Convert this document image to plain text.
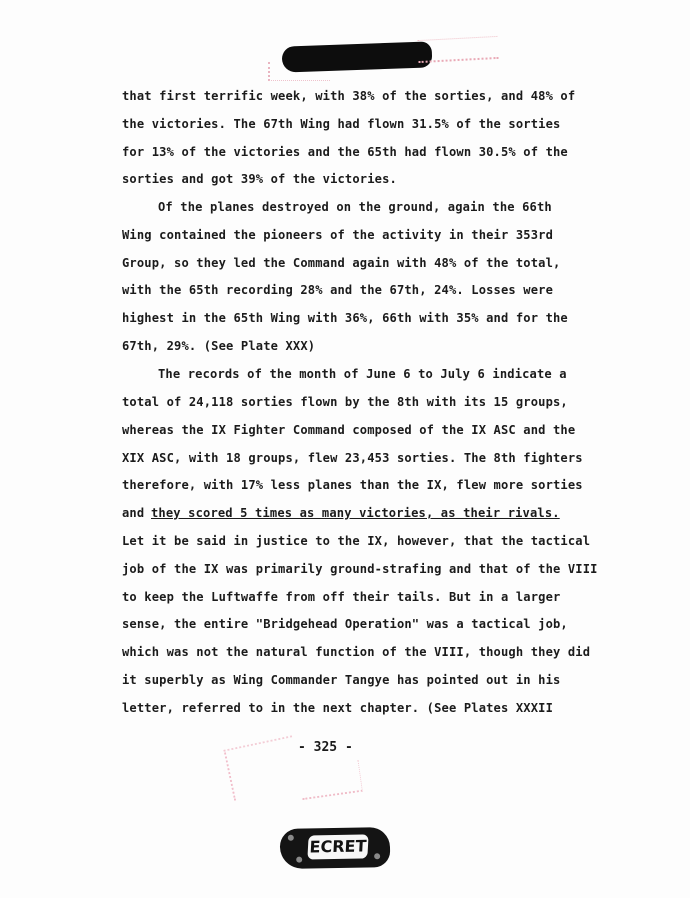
that first terrific week, with 38% of the sorties, and 48% of
the victories. The 67th Wing had flown 31.5% of the sorties
for 13% of the victories and the 65th had flown 30.5% of the
sorties and got 39% of the victories.
Of the planes destroyed on the ground, again the 66th
Wing contained the pioneers of the activity in their 353rd
Group, so they led the Command again with 48% of the total,
with the 65th recording 28% and the 67th, 24%. Losses were
highest in the 65th Wing with 36%, 66th with 35% and for the
67th, 29%. (See Plate XXX)
The records of the month of June 6 to July 6 indicate a
total of 24,118 sorties flown by the 8th with its 15 groups,
whereas the IX Fighter Command composed of the IX ASC and the
XIX ASC, with 18 groups, flew 23,453 sorties. The 8th fighters
therefore, with 17% less planes than the IX, flew more sorties
and they scored 5 times as many victories, as their rivals.
Let it be said in justice to the IX, however, that the tactical
job of the IX was primarily ground-strafing and that of the VIII
to keep the Luftwaffe from off their tails. But in a larger
sense, the entire "Bridgehead Operation" was a tactical job,
which was not the natural function of the VIII, though they did
it superbly as Wing Commander Tangye has pointed out in his
letter, referred to in the next chapter. (See Plates XXXII
- 325 -
ECRET
